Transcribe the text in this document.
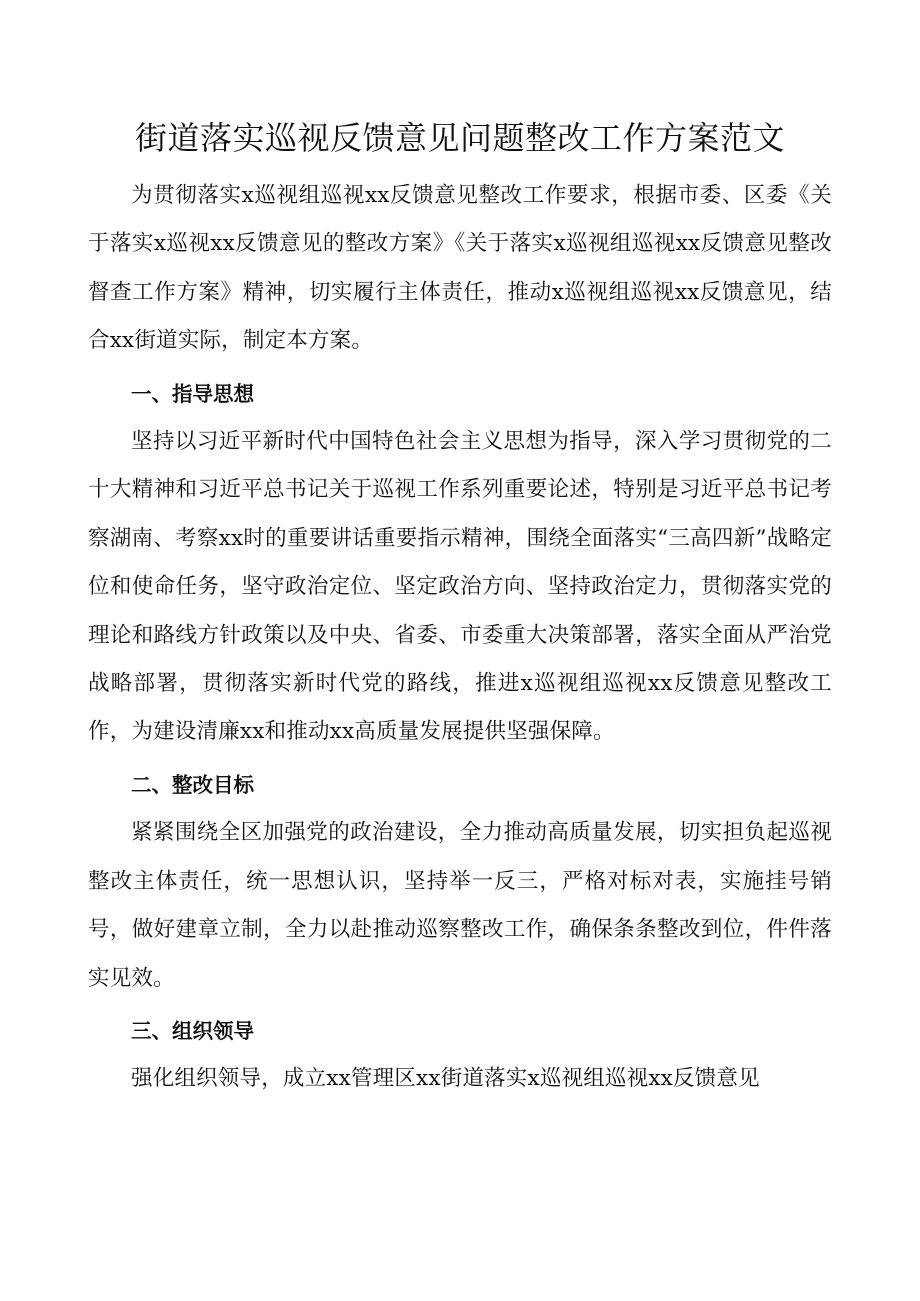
街道落实巡视反馈意见问题整改工作方案范文

为贯彻落实x巡视组巡视xx反馈意见整改工作要求，根据市委、区委《关于落实x巡视xx反馈意见的整改方案》《关于落实x巡视组巡视xx反馈意见整改督查工作方案》精神，切实履行主体责任，推动x巡视组巡视xx反馈意见，结合xx街道实际，制定本方案。

一、指导思想

坚持以习近平新时代中国特色社会主义思想为指导，深入学习贯彻党的二十大精神和习近平总书记关于巡视工作系列重要论述，特别是习近平总书记考察湖南、考察xx时的重要讲话重要指示精神，围绕全面落实“三高四新”战略定位和使命任务，坚守政治定位、坚定政治方向、坚持政治定力，贯彻落实党的理论和路线方针政策以及中央、省委、市委重大决策部署，落实全面从严治党战略部署，贯彻落实新时代党的路线，推进x巡视组巡视xx反馈意见整改工作，为建设清廉xx和推动xx高质量发展提供坚强保障。

二、整改目标

紧紧围绕全区加强党的政治建设，全力推动高质量发展，切实担负起巡视整改主体责任，统一思想认识，坚持举一反三，严格对标对表，实施挂号销号，做好建章立制，全力以赴推动巡察整改工作，确保条条整改到位，件件落实见效。

三、组织领导

强化组织领导，成立xx管理区xx街道落实x巡视组巡视xx反馈意见
